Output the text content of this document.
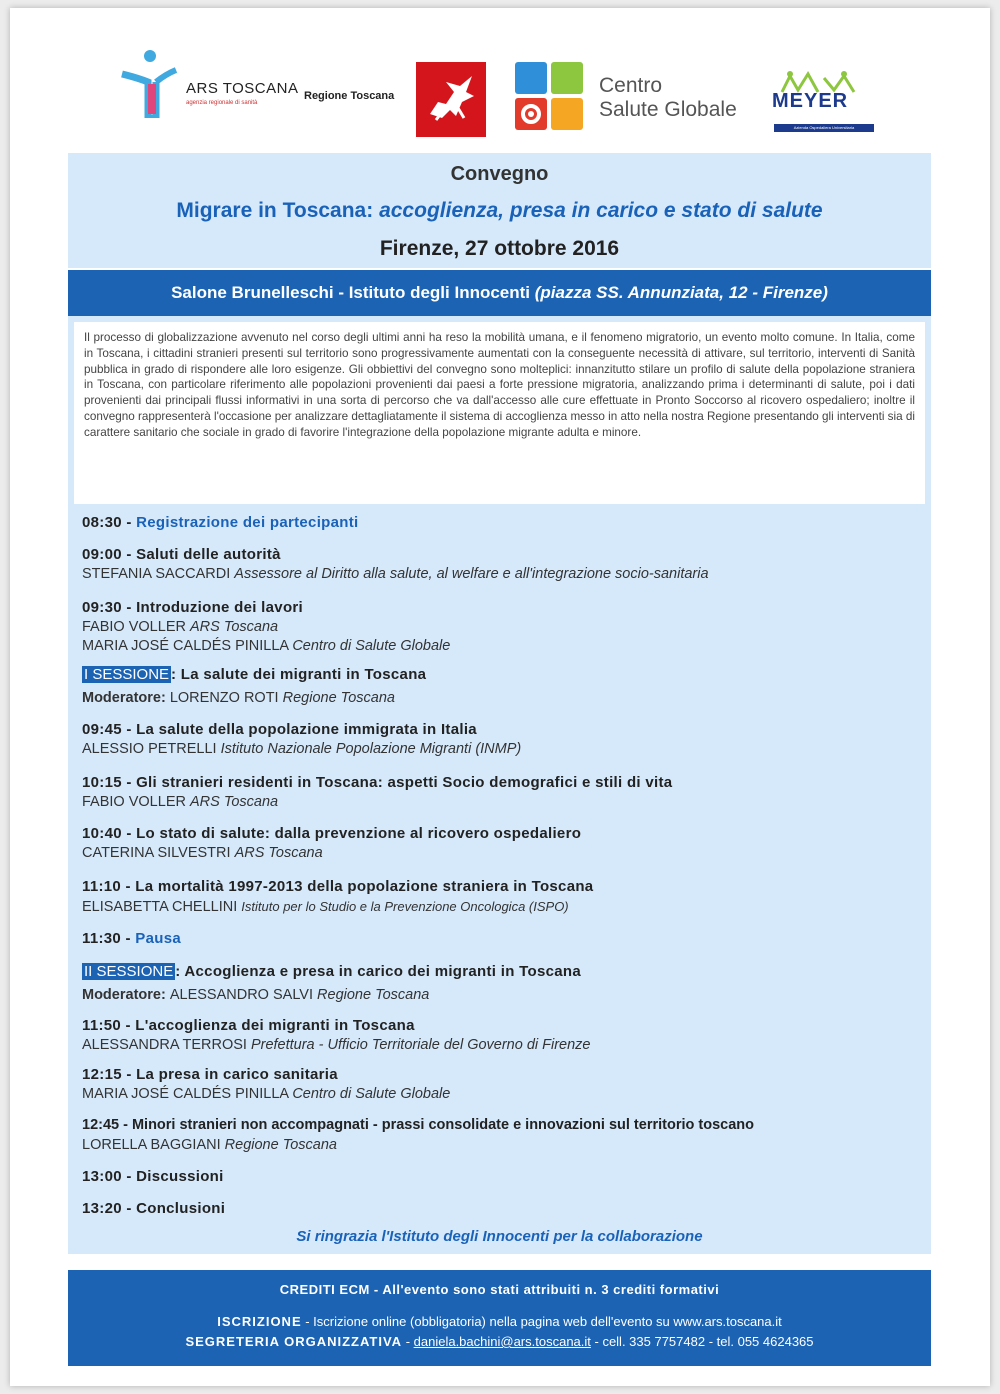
ARS TOSCANA
agenzia regionale di sanità
Regione Toscana	Centro
Salute Globale MEYER
Azienda Ospedaliera Universitaria
Convegno
Migrare in Toscana: accoglienza, presa in carico e stato di salute
Firenze, 27 ottobre 2016
Salone Brunelleschi - Istituto degli Innocenti (piazza SS. Annunziata, 12 - Firenze)
Il processo di globalizzazione avvenuto nel corso degli ultimi anni ha reso la mobilità umana, e il fenomeno migratorio, un evento molto comune. In Italia, come in Toscana, i cittadini stranieri presenti sul territorio sono progressivamente aumentati con la conseguente necessità di attivare, sul territorio, interventi di Sanità pubblica in grado di rispondere alle loro esigenze. Gli obbiettivi del convegno sono molteplici: innanzitutto stilare un profilo di salute della popolazione straniera in Toscana, con particolare riferimento alle popolazioni provenienti dai paesi a forte pressione migratoria, analizzando prima i determinanti di salute, poi i dati provenienti dai principali flussi informativi in una sorta di percorso che va dall'accesso alle cure effettuate in Pronto Soccorso al ricovero ospedaliero; inoltre il convegno rappresenterà l'occasione per analizzare dettagliatamente il sistema di accoglienza messo in atto nella nostra Regione presentando gli interventi sia di carattere sanitario che sociale in grado di favorire l'integrazione della popolazione migrante adulta e minore.
08:30 - Registrazione dei partecipanti
09:00 - Saluti delle autorità
STEFANIA SACCARDI Assessore al Diritto alla salute, al welfare e all'integrazione socio-sanitaria
09:30 - Introduzione dei lavori
FABIO VOLLER ARS Toscana
MARIA JOSÉ CALDÉS PINILLA Centro di Salute Globale
I SESSIONE : La salute dei migranti in Toscana
Moderatore: LORENZO ROTI Regione Toscana
09:45 - La salute della popolazione immigrata in Italia
ALESSIO PETRELLI Istituto Nazionale Popolazione Migranti (INMP)
10:15 - Gli stranieri residenti in Toscana: aspetti Socio demografici e stili di vita
FABIO VOLLER ARS Toscana
10:40 - Lo stato di salute: dalla prevenzione al ricovero ospedaliero
CATERINA SILVESTRI ARS Toscana
11:10 - La mortalità 1997-2013 della popolazione straniera in Toscana
ELISABETTA CHELLINI Istituto per lo Studio e la Prevenzione Oncologica (ISPO)
11:30 - Pausa
II SESSIONE : Accoglienza e presa in carico dei migranti in Toscana
Moderatore: ALESSANDRO SALVI Regione Toscana
11:50 - L'accoglienza dei migranti in Toscana
ALESSANDRA TERROSI Prefettura - Ufficio Territoriale del Governo di Firenze
12:15 - La presa in carico sanitaria
MARIA JOSÉ CALDÉS PINILLA Centro di Salute Globale
12:45 - Minori stranieri non accompagnati - prassi consolidate e innovazioni sul territorio toscano
LORELLA BAGGIANI Regione Toscana
13:00 - Discussioni
13:20 - Conclusioni
Si ringrazia l'Istituto degli Innocenti per la collaborazione
CREDITI ECM - All'evento sono stati attribuiti n. 3 crediti formativi
ISCRIZIONE - Iscrizione online (obbligatoria) nella pagina web dell'evento su www.ars.toscana.it
SEGRETERIA ORGANIZZATIVA - daniela.bachini@ars.toscana.it - cell. 335 7757482 - tel. 055 4624365
